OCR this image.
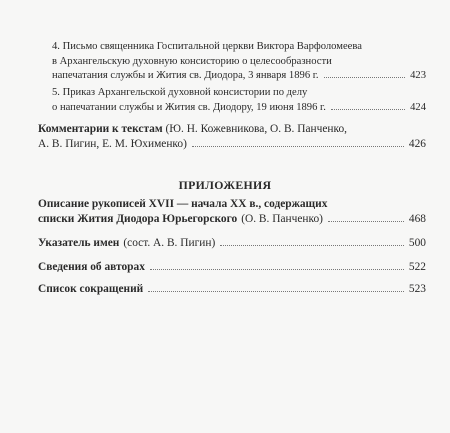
4. Письмо священника Госпитальной церкви Виктора Варфоломеева
в Архангельскую духовную консисторию о целесообразности
напечатания службы и Жития св. Диодора, 3 января 1896 г.	423
5. Приказ Архангельской духовной консистории по делу
о напечатании службы и Жития св. Диодору, 19 июня 1896 г.	424
Комментарии к текстам (Ю. Н. Кожевникова, О. В. Панченко,
А. В. Пигин, Е. М. Юхименко)	426
ПРИЛОЖЕНИЯ
Описание рукописей XVII — начала XX в., содержащих
списки Жития Диодора Юрьегорского (О. В. Панченко)	468
Указатель имен (сост. А. В. Пигин)	500
Сведения об авторах	522
Список сокращений	523
